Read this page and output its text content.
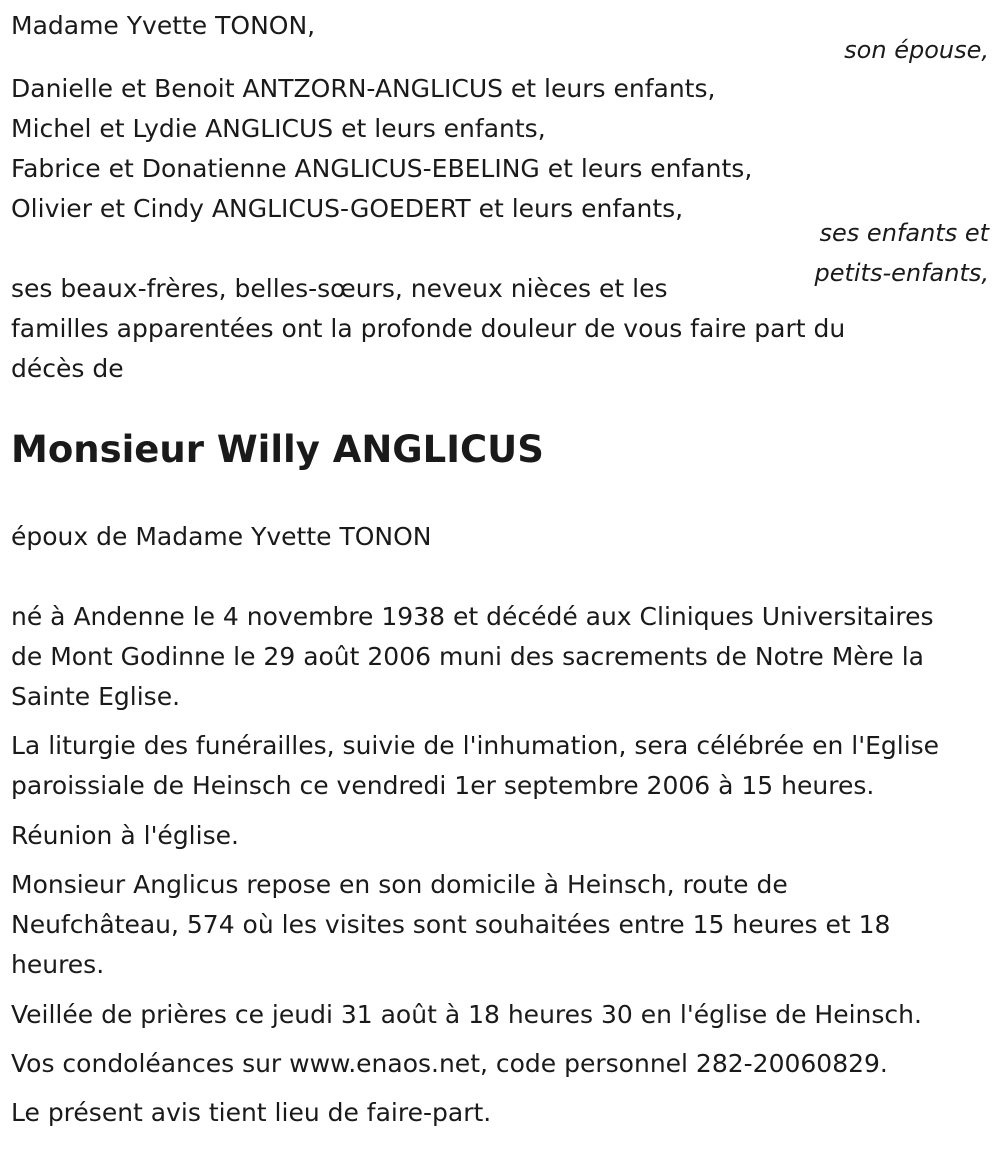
Madame Yvette TONON,

son épouse,

Danielle et Benoit ANTZORN-ANGLICUS et leurs enfants,

Michel et Lydie ANGLICUS et leurs enfants,

Fabrice et Donatienne ANGLICUS-EBELING et leurs enfants,

Olivier et Cindy ANGLICUS-GOEDERT et leurs enfants,

ses enfants et

petits-enfants,

ses beaux-frères, belles-sœurs, neveux nièces et les

familles apparentées ont la profonde douleur de vous faire part du

décès de

Monsieur Willy ANGLICUS

époux de Madame Yvette TONON

né à Andenne le 4 novembre 1938 et décédé aux Cliniques Universitaires

de Mont Godinne le 29 août 2006 muni des sacrements de Notre Mère la

Sainte Eglise.

La liturgie des funérailles, suivie de l'inhumation, sera célébrée en l'Eglise

paroissiale de Heinsch ce vendredi 1er septembre 2006 à 15 heures.

Réunion à l'église.

Monsieur Anglicus repose en son domicile à Heinsch, route de

Neufchâteau, 574 où les visites sont souhaitées entre 15 heures et 18

heures.

Veillée de prières ce jeudi 31 août à 18 heures 30 en l'église de Heinsch.

Vos condoléances sur www.enaos.net, code personnel 282-20060829.

Le présent avis tient lieu de faire-part.
